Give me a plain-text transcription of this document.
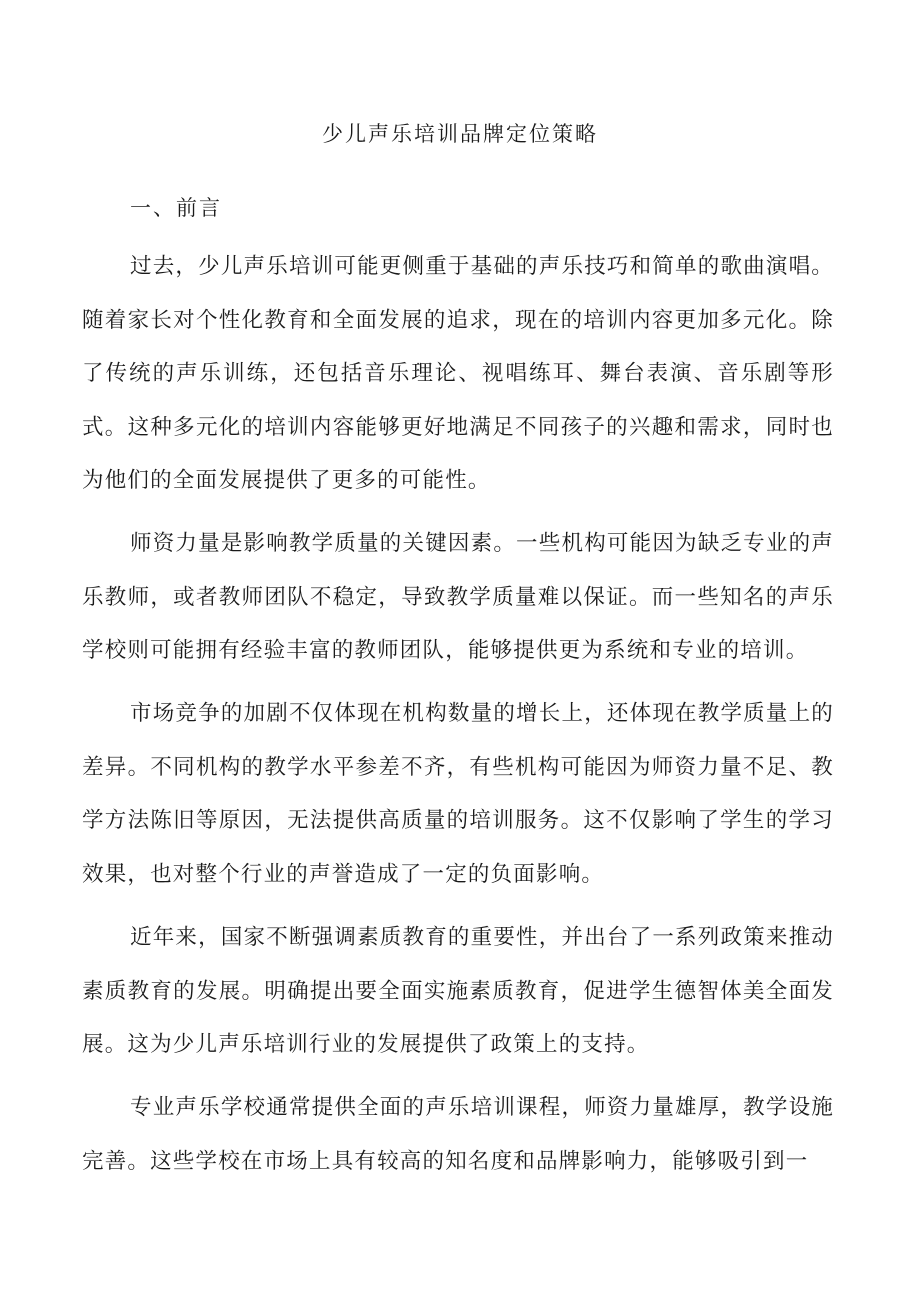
少儿声乐培训品牌定位策略
一、前言

过去，少儿声乐培训可能更侧重于基础的声乐技巧和简单的歌曲演唱。随着家长对个性化教育和全面发展的追求，现在的培训内容更加多元化。除了传统的声乐训练，还包括音乐理论、视唱练耳、舞台表演、音乐剧等形式。这种多元化的培训内容能够更好地满足不同孩子的兴趣和需求，同时也为他们的全面发展提供了更多的可能性。

师资力量是影响教学质量的关键因素。一些机构可能因为缺乏专业的声乐教师，或者教师团队不稳定，导致教学质量难以保证。而一些知名的声乐学校则可能拥有经验丰富的教师团队，能够提供更为系统和专业的培训。

市场竞争的加剧不仅体现在机构数量的增长上，还体现在教学质量上的差异。不同机构的教学水平参差不齐，有些机构可能因为师资力量不足、教学方法陈旧等原因，无法提供高质量的培训服务。这不仅影响了学生的学习效果，也对整个行业的声誉造成了一定的负面影响。

近年来，国家不断强调素质教育的重要性，并出台了一系列政策来推动素质教育的发展。明确提出要全面实施素质教育，促进学生德智体美全面发展。这为少儿声乐培训行业的发展提供了政策上的支持。

专业声乐学校通常提供全面的声乐培训课程，师资力量雄厚，教学设施完善。这些学校在市场上具有较高的知名度和品牌影响力，能够吸引到一
